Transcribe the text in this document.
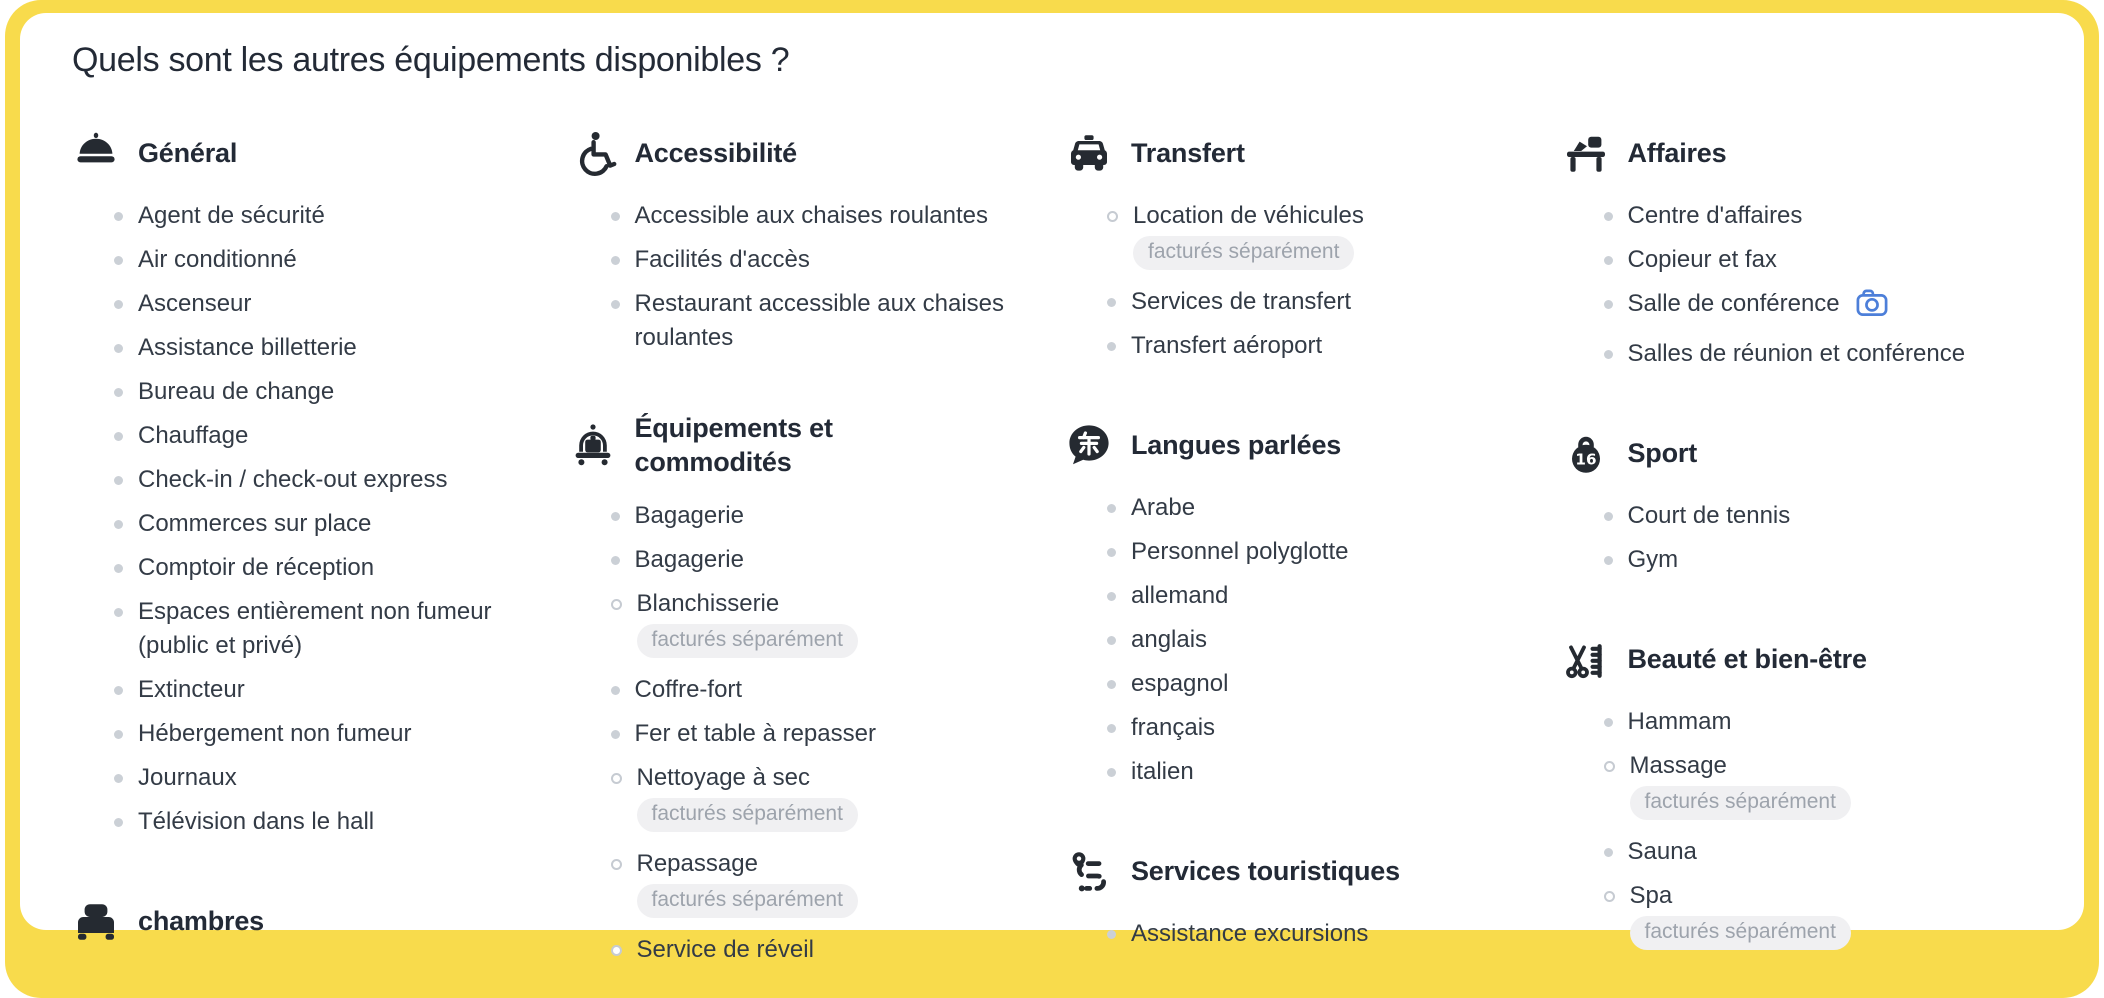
Quels sont les autres équipements disponibles ?
Général
Agent de sécurité
Air conditionné
Ascenseur
Assistance billetterie
Bureau de change
Chauffage
Check-in / check-out express
Commerces sur place
Comptoir de réception
Espaces entièrement non fumeur (public et privé)
Extincteur
Hébergement non fumeur
Journaux
Télévision dans le hall
chambres
Accessibilité
Accessible aux chaises roulantes
Facilités d'accès
Restaurant accessible aux chaises roulantes
Équipements et commodités
Bagagerie
Bagagerie
Blanchisserie
facturés séparément
Coffre-fort
Fer et table à repasser
Nettoyage à sec
facturés séparément
Repassage
facturés séparément
Service de réveil
Transfert
Location de véhicules
facturés séparément
Services de transfert
Transfert aéroport
Langues parlées
Arabe
Personnel polyglotte
allemand
anglais
espagnol
français
italien
Services touristiques
Assistance excursions
Affaires
Centre d'affaires
Copieur et fax
Salle de conférence
Salles de réunion et conférence
16 Sport
Court de tennis
Gym
Beauté et bien-être
Hammam
Massage
facturés séparément
Sauna
Spa
facturés séparément
